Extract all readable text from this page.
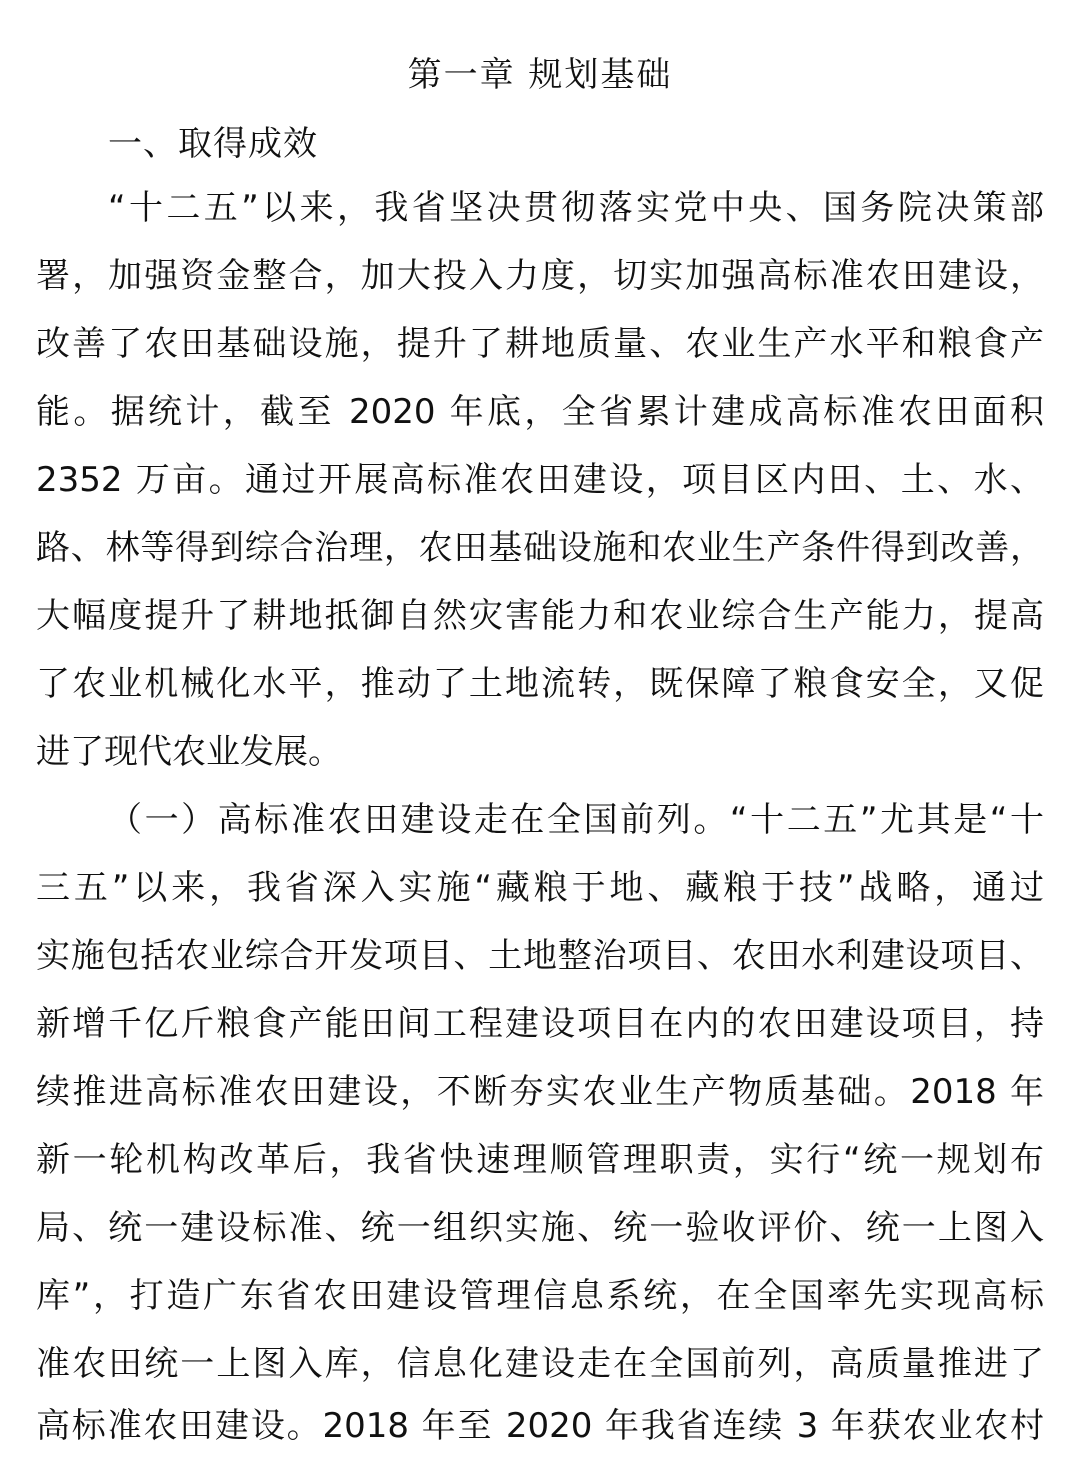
第一章 规划基础
一、取得成效
“十二五”以来，我省坚决贯彻落实党中央、国务院决策部
署，加强资金整合，加大投入力度，切实加强高标准农田建设，
改善了农田基础设施，提升了耕地质量、农业生产水平和粮食产
能。据统计，截至 2020 年底，全省累计建成高标准农田面积
2352 万亩。通过开展高标准农田建设，项目区内田、土、水、
路、林等得到综合治理，农田基础设施和农业生产条件得到改善，
大幅度提升了耕地抵御自然灾害能力和农业综合生产能力，提高
了农业机械化水平，推动了土地流转，既保障了粮食安全，又促
进了现代农业发展。
（一）高标准农田建设走在全国前列。“十二五”尤其是“十
三五”以来，我省深入实施“藏粮于地、藏粮于技”战略，通过
实施包括农业综合开发项目、土地整治项目、农田水利建设项目、
新增千亿斤粮食产能田间工程建设项目在内的农田建设项目，持
续推进高标准农田建设，不断夯实农业生产物质基础。2018 年
新一轮机构改革后，我省快速理顺管理职责，实行“统一规划布
局、统一建设标准、统一组织实施、统一验收评价、统一上图入
库”，打造广东省农田建设管理信息系统，在全国率先实现高标
准农田统一上图入库，信息化建设走在全国前列，高质量推进了
高标准农田建设。2018 年至 2020 年我省连续 3 年获农业农村
